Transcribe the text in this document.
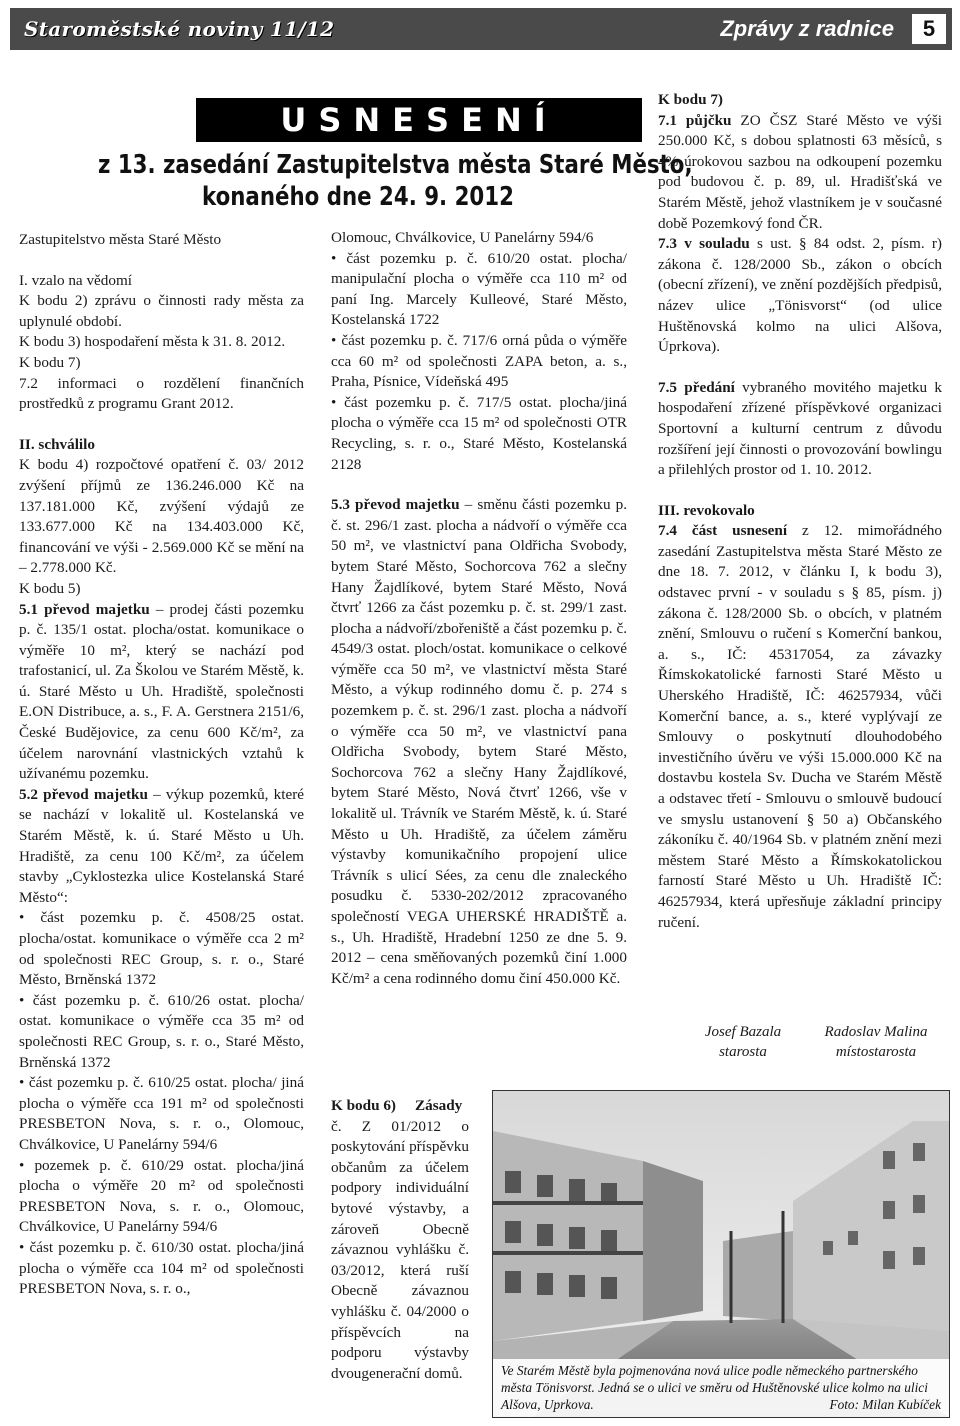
Staroměstské noviny 11/12	Zprávy z radnice	5
USNESENÍ
z 13. zasedání Zastupitelstva města Staré Město,
konaného dne 24. 9. 2012

Zastupitelstvo města Staré Město

I. vzalo na vědomí

K bodu 2) zprávu o činnosti rady města za uplynulé období.

K bodu 3) hospodaření města k 31. 8. 2012.

K bodu 7)

7.2 informaci o rozdělení finančních prostředků z programu Grant 2012.

II. schválilo

K bodu 4) rozpočtové opatření č. 03/ 2012 zvýšení příjmů ze 136.246.000 Kč na 137.181.000 Kč, zvýšení výdajů ze 133.677.000 Kč na 134.403.000 Kč, financování ve výši - 2.569.000 Kč se mění na – 2.778.000 Kč.

K bodu 5)

5.1 převod majetku – prodej části pozemku p. č. 135/1 ostat. plocha/ostat. komunikace o výměře 10 m², který se nachází pod trafostanicí, ul. Za Školou ve Starém Městě, k. ú. Staré Město u Uh. Hradiště, společnosti E.ON Distribuce, a. s., F. A. Gerstnera 2151/6, České Budějovice, za cenu 600 Kč/m², za účelem narovnání vlastnických vztahů k užívanému pozemku.

5.2 převod majetku – výkup pozemků, které se nachází v lokalitě ul. Kostelanská ve Starém Městě, k. ú. Staré Město u Uh. Hradiště, za cenu 100 Kč/m², za účelem stavby „Cyklostezka ulice Kostelanská Staré Město“:

• část pozemku p. č. 4508/25 ostat. plocha/ostat. komunikace o výměře cca 2 m² od společnosti REC Group, s. r. o., Staré Město, Brněnská 1372

• část pozemku p. č. 610/26 ostat. plocha/ ostat. komunikace o výměře cca 35 m² od společnosti REC Group, s. r. o., Staré Město, Brněnská 1372

• část pozemku p. č. 610/25 ostat. plocha/ jiná plocha o výměře cca 191 m² od společnosti PRESBETON Nova, s. r. o., Olomouc, Chválkovice, U Panelárny 594/6

• pozemek p. č. 610/29 ostat. plocha/jiná plocha o výměře 20 m² od společnosti PRESBETON Nova, s. r. o., Olomouc, Chválkovice, U Panelárny 594/6

• část pozemku p. č. 610/30 ostat. plocha/jiná plocha o výměře cca 104 m² od společnosti PRESBETON Nova, s. r. o.,

Olomouc, Chválkovice, U Panelárny 594/6

• část pozemku p. č. 610/20 ostat. plocha/ manipulační plocha o výměře cca 110 m² od paní Ing. Marcely Kulleové, Staré Město, Kostelanská 1722

• část pozemku p. č. 717/6 orná půda o výměře cca 60 m² od společnosti ZAPA beton, a. s., Praha, Písnice, Vídeňská 495

• část pozemku p. č. 717/5 ostat. plocha/jiná plocha o výměře cca 15 m² od společnosti OTR Recycling, s. r. o., Staré Město, Kostelanská 2128

5.3 převod majetku – směnu části pozemku p. č. st. 296/1 zast. plocha a nádvoří o výměře cca 50 m², ve vlastnictví pana Oldřicha Svobody, bytem Staré Město, Sochorcova 762 a slečny Hany Žajdlíkové, bytem Staré Město, Nová čtvrť 1266 za část pozemku p. č. st. 299/1 zast. plocha a nádvoří/zbořeniště a část pozemku p. č. 4549/3 ostat. ploch/ostat. komunikace o celkové výměře cca 50 m², ve vlastnictví města Staré Město, a výkup rodinného domu č. p. 274 s pozemkem p. č. st. 296/1 zast. plocha a nádvoří o výměře cca 50 m², ve vlastnictví pana Oldřicha Svobody, bytem Staré Město, Sochorcova 762 a slečny Hany Žajdlíkové, bytem Staré Město, Nová čtvrť 1266, vše v lokalitě ul. Trávník ve Starém Městě, k. ú. Staré Město u Uh. Hradiště, za účelem záměru výstavby komunikačního propojení ulice Trávník s ulicí Sées, za cenu dle znaleckého posudku č. 5330-202/2012 zpracovaného společností VEGA UHERSKÉ HRADIŠTĚ a. s., Uh. Hradiště, Hradební 1250 ze dne 5. 9. 2012 – cena směňovaných pozemků činí 1.000 Kč/m² a cena rodinného domu činí 450.000 Kč.

K bodu 6)     Zásady

č. Z 01/2012 o poskytování příspěvku občanům za účelem podpory individuální bytové výstavby, a zároveň Obecně závaznou vyhlášku č. 03/2012, která ruší Obecně závaznou vyhlášku č. 04/2000 o příspěvcích na podporu výstavby dvougenerační domů.

K bodu 7)

7.1 půjčku ZO ČSZ Staré Město ve výši 250.000 Kč, s dobou splatnosti 63 měsíců, s 4% úrokovou sazbou na odkoupení pozemku pod budovou č. p. 89, ul. Hradišťská ve Starém Městě, jehož vlastníkem je v současné době Pozemkový fond ČR.

7.3 v souladu s ust. § 84 odst. 2, písm. r) zákona č. 128/2000 Sb., zákon o obcích (obecní zřízení), ve znění pozdějších předpisů, název ulice „Tönisvorst“ (od ulice Huštěnovská kolmo na ulici Alšova, Úprkova).

7.5 předání vybraného movitého majetku k hospodaření zřízené příspěvkové organizaci Sportovní a kulturní centrum z důvodu rozšíření její činnosti o provozování bowlingu a přilehlých prostor od 1. 10. 2012.

III. revokovalo

7.4 část usnesení z 12. mimořádného zasedání Zastupitelstva města Staré Město ze dne 18. 7. 2012, v článku I, k bodu 3), odstavec první - v souladu s § 85, písm. j) zákona č. 128/2000 Sb. o obcích, v platném znění, Smlouvu o ručení s Komerční bankou, a. s., IČ: 45317054, za závazky Římskokatolické farnosti Staré Město u Uherského Hradiště, IČ: 46257934, vůči Komerční bance, a. s., které vyplývají ze Smlouvy o poskytnutí dlouhodobého investičního úvěru ve výši 15.000.000 Kč na dostavbu kostela Sv. Ducha ve Starém Městě a odstavec třetí - Smlouvu o smlouvě budoucí ve smyslu ustanovení § 50 a) Občanského zákoníku č. 40/1964 Sb. v platném znění mezi městem Staré Město a Římskokatolickou farností Staré Město u Uh. Hradiště IČ: 46257934, která upřesňuje základní principy ručení.

Josef Bazala
starosta
Radoslav Malina
místostarosta
Ve Starém Městě byla pojmenována nová ulice podle německého partnerského města Tönisvorst. Jedná se o ulici ve směru od Huštěnovské ulice kolmo na ulici Alšova, Uprkova.	Foto: Milan Kubíček
